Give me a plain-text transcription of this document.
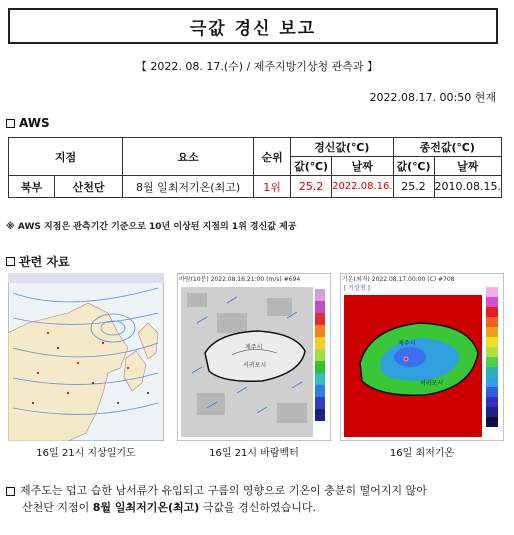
극값 경신 보고
【 2022. 08. 17.(수) / 제주지방기상청 관측과 】
2022.08.17. 00:50 현재
AWS
지점		요소	순위	경신값(℃)		종전값(℃)	
				값(℃)	날짜	값(℃)	날짜
북부	산천단	8월 일최저기온(최고)	1위	25.2	2022.08.16.	25.2	2010.08.15.
※ AWS 지점은 관측기간 기준으로 10년 이상된 지점의 1위 경신값 제공
관련 자료
바람(10분) 2022.08.16.21:00 (m/s) #694
제주시
서귀포시
기온(최저) 2022.08.17.00:00 (C) #708
[ 기상청 ]
제주시
서귀포시
16일 21시 지상일기도	16일 21시 바람벡터	16일 최저기온
제주도는 덥고 습한 남서류가 유입되고 구름의 영향으로 기온이 충분히 떨어지지 않아
산천단 지점이 8월 일최저기온(최고) 극값을 경신하였습니다.
